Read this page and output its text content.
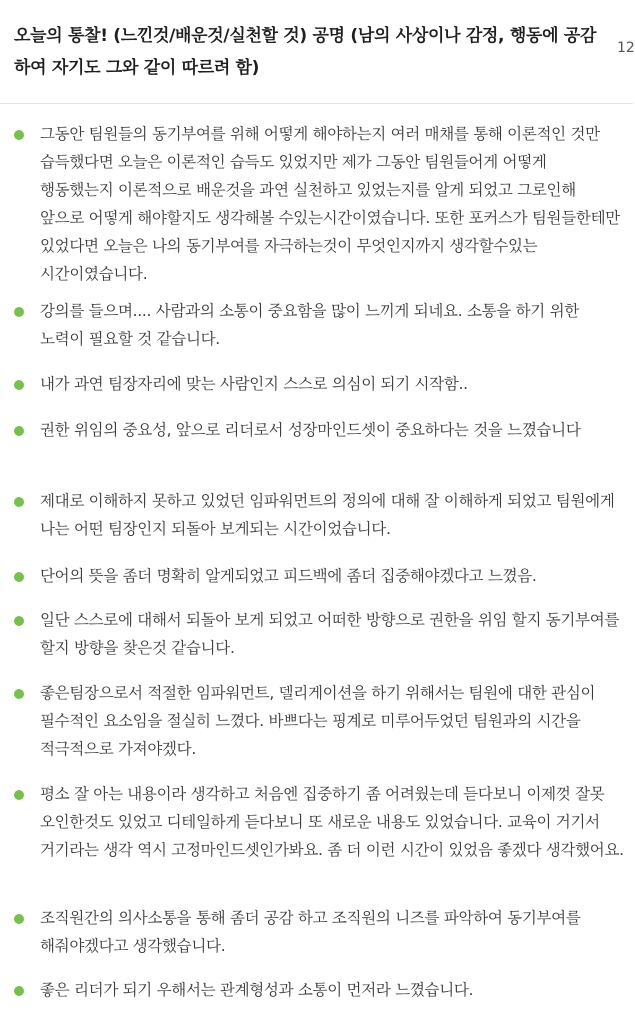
오늘의 통찰! (느낀것/배운것/실천할 것) 공명 (남의 사상이나 감정, 행동에 공감하여 자기도 그와 같이 따르려 함)
12

그동안 팀원들의 동기부여를 위해 어떻게 해야하는지 여러 매채를 통해 이론적인 것만 습득했다면 오늘은 이론적인 습득도 있었지만 제가 그동안 팀원들어게 어떻게 행동했는지 이론적으로 배운것을 과연 실천하고 있었는지를 알게 되었고 그로인해 앞으로 어떻게 해야할지도 생각해볼 수있는시간이였습니다. 또한 포커스가 팀원들한테만 있었다면 오늘은 나의 동기부여를 자극하는것이 무엇인지까지 생각할수있는 시간이였습니다.

강의를 들으며.... 사람과의 소통이 중요함을 많이 느끼게 되네요. 소통을 하기 위한 노력이 필요할 것 같습니다.

내가 과연 팀장자리에 맞는 사람인지 스스로 의심이 되기 시작함..

권한 위임의 중요성, 앞으로 리더로서 성장마인드셋이 중요하다는 것을 느꼈습니다

제대로 이해하지 못하고 있었던 임파워먼트의 정의에 대해 잘 이해하게 되었고 팀원에게 나는 어떤 팀장인지 되돌아 보게되는 시간이었습니다.

단어의 뜻을 좀더 명확히 알게되었고 피드백에 좀더 집중해야겠다고 느꼈음.

일단 스스로에 대해서 되돌아 보게 되었고 어떠한 방향으로 권한을 위임 할지 동기부여를 할지 방향을 찾은것 같습니다.

좋은팀장으로서 적절한 임파워먼트, 델리게이션을 하기 위해서는 팀원에 대한 관심이 필수적인 요소임을 절실히 느꼈다. 바쁘다는 핑계로 미루어두었던 팀원과의 시간을 적극적으로 가져야겠다.

평소 잘 아는 내용이라 생각하고 처음엔 집중하기 좀 어려웠는데 듣다보니 이제껏 잘못 오인한것도 있었고 디테일하게 듣다보니 또 새로운 내용도 있었습니다. 교육이 거기서 거기라는 생각 역시 고정마인드셋인가봐요. 좀 더 이런 시간이 있었음 좋겠다 생각했어요.

조직원간의 의사소통을 통해 좀더 공감 하고 조직원의 니즈를 파악하여 동기부여를 해줘야겠다고 생각했습니다.

좋은 리더가 되기 우해서는 관계형성과 소통이 먼저라 느꼈습니다.
